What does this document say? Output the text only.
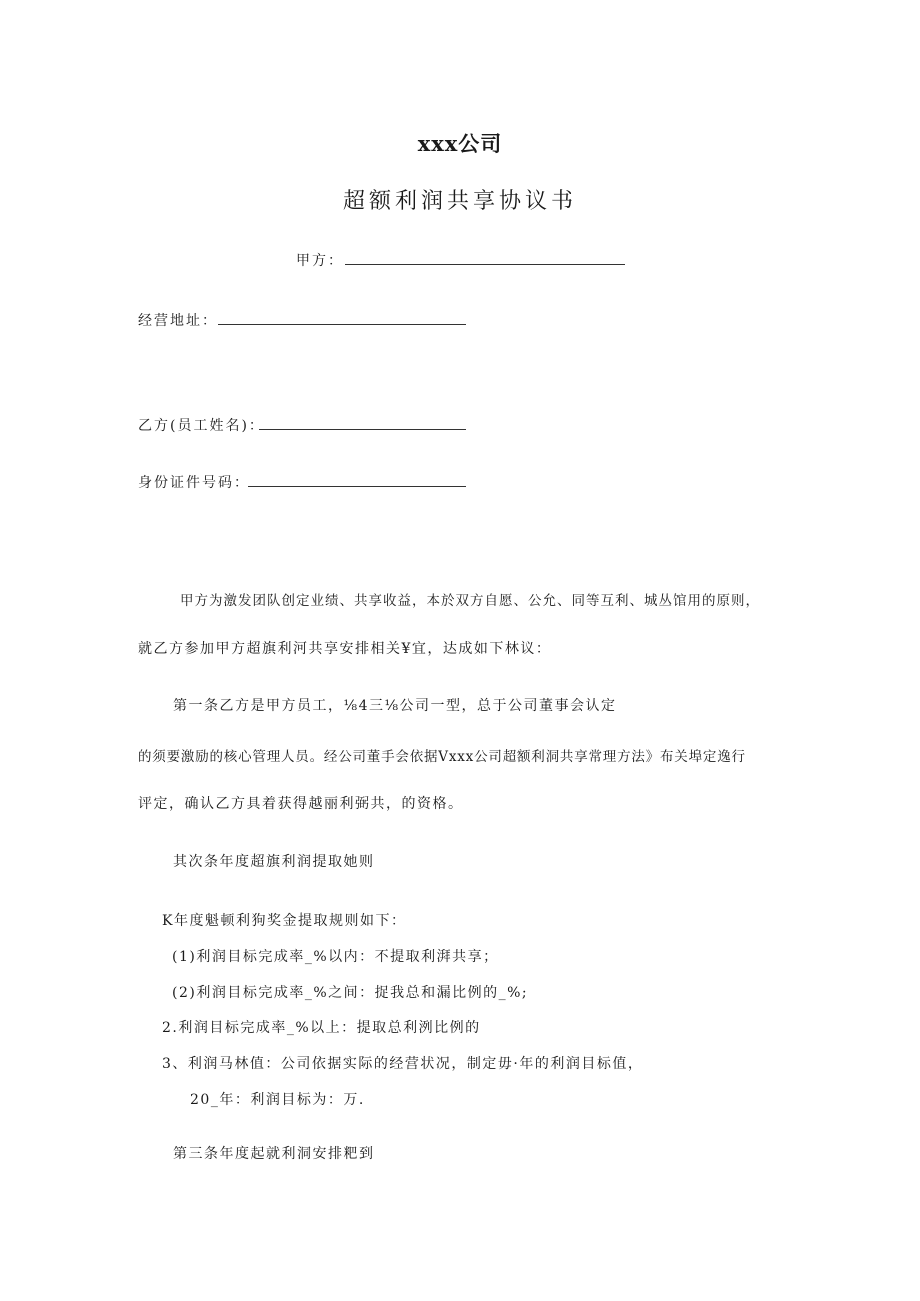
xxx公司
超额利润共享协议书
甲方：
经营地址：
乙方(员工姓名)：
身份证件号码：
甲方为激发团队创定业绩、共享收益，本於双方自愿、公允、同等互利、城丛馆用的原则，
就乙方参加甲方超旗利河共享安排相关¥宜，达成如下林议：
第一条乙方是甲方员工，⅛4三⅛公司一型，总于公司董事会认定
的须要激励的核心管理人员。经公司董手会依据Vxxx公司超额利洞共享常理方法》布关埠定逸行
评定，确认乙方具着获得越丽利弼共，的资格。
其次条年度超旗利润提取她则
K年度魁顿利狗奖金提取规则如下：
(1)利润目标完成率_%以内：不提取利湃共享；
(2)利润目标完成率_%之间：捉我总和漏比例的_%;
2.利润目标完成率_%以上：提取总利洌比例的
3、利润马林值：公司依据实际的经营状况，制定毋·年的利润目标值，
20_年：利润目标为：万.
第三条年度起就利洞安排粑到
